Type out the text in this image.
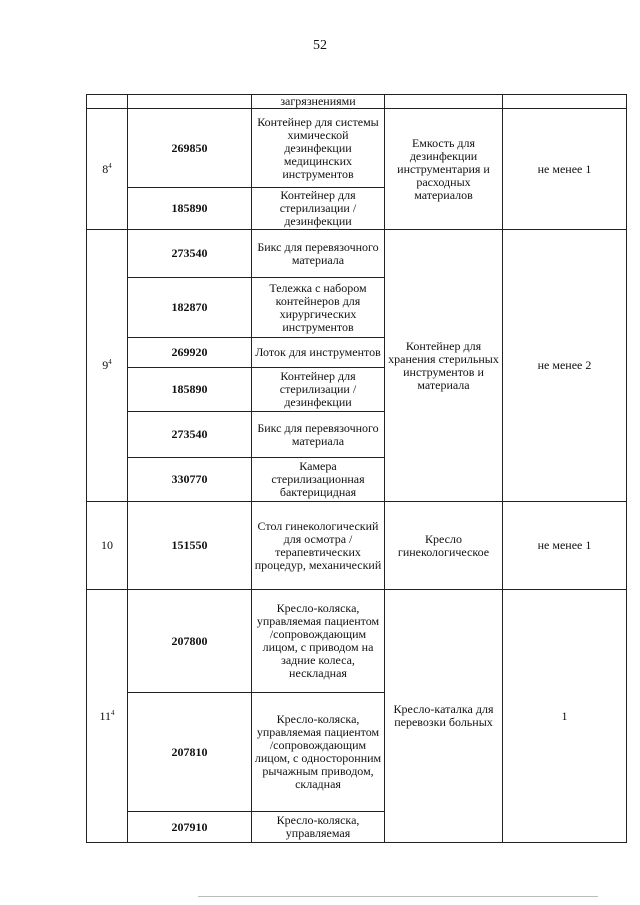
52
		загрязнениями		
$8^4$	269850	Контейнер для системы химической дезинфекции медицинских инструментов	Емкость для дезинфекции инструментария и расходных материалов	не менее 1
	185890	Контейнер для стерилизации /дезинфекции		
$9^4$	273540	Бикс для перевязочного материала	Контейнер для хранения стерильных инструментов и материала	не менее 2
	182870	Тележка с набором контейнеров для хирургических инструментов		
	269920	Лоток для инструментов		
	185890	Контейнер для стерилизации /дезинфекции		
	273540	Бикс для перевязочного материала		
	330770	Камера стерилизационная бактерицидная		
10	151550	Стол гинекологический для осмотра /терапевтических процедур, механический	Кресло гинекологическое	не менее 1
$11^4$	207800	Кресло-коляска, управляемая пациентом /сопровождающим лицом, с приводом на задние колеса, нескладная	Кресло-каталка для перевозки больных	1
	207810	Кресло-коляска, управляемая пациентом /сопровождающим лицом, с односторонним рычажным приводом, складная		
	207910	Кресло-коляска, управляемая		
